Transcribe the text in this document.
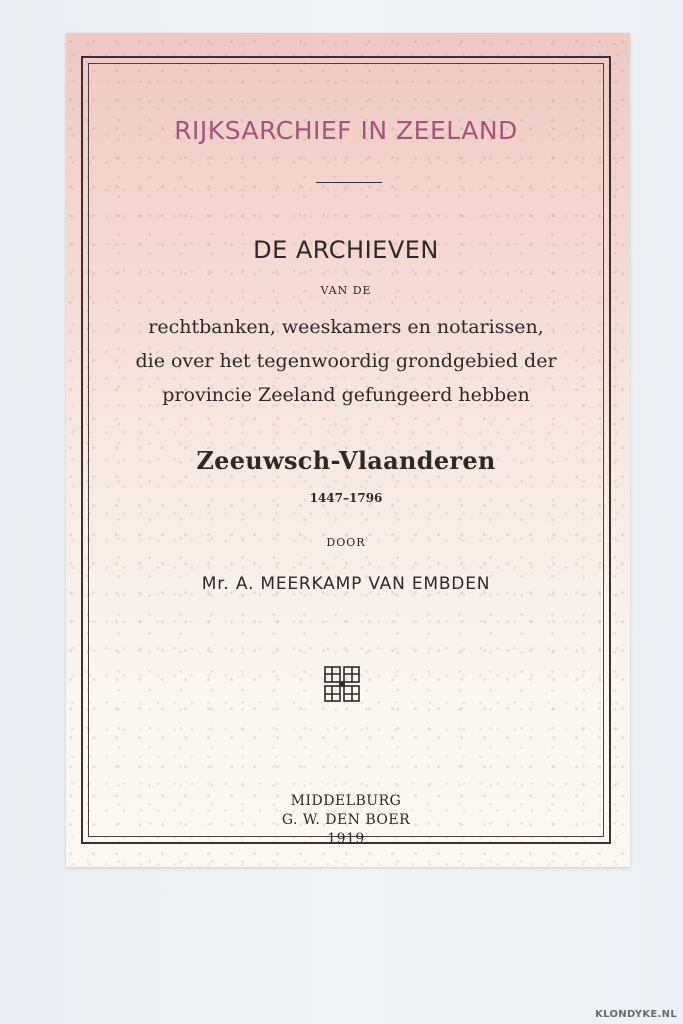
RIJKSARCHIEF IN ZEELAND
DE ARCHIEVEN
VAN DE
rechtbanken, weeskamers en notarissen,
die over het tegenwoordig grondgebied der
provincie Zeeland gefungeerd hebben
Zeeuwsch-Vlaanderen
1447–1796
DOOR
Mr. A. MEERKAMP VAN EMBDEN
MIDDELBURG
G. W. DEN BOER
1919
KLONDYKE.NL
